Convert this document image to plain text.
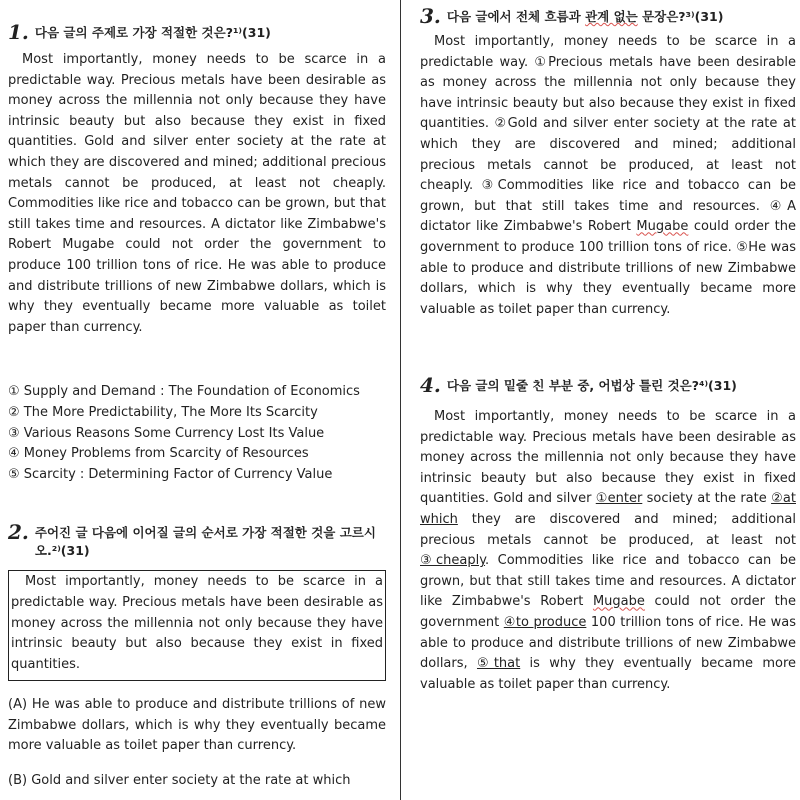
1. 다음 글의 주제로 가장 적절한 것은?¹⁾(31)

Most importantly, money needs to be scarce in a predictable way. Precious metals have been desirable as money across the millennia not only because they have intrinsic beauty but also because they exist in fixed quantities. Gold and silver enter society at the rate at which they are discovered and mined; additional precious metals cannot be produced, at least not cheaply. Commodities like rice and tobacco can be grown, but that still takes time and resources. A dictator like Zimbabwe's Robert Mugabe could not order the government to produce 100 trillion tons of rice. He was able to produce and distribute trillions of new Zimbabwe dollars, which is why they eventually became more valuable as toilet paper than currency.

① Supply and Demand : The Foundation of Economics
② The More Predictability, The More Its Scarcity
③ Various Reasons Some Currency Lost Its Value
④ Money Problems from Scarcity of Resources
⑤ Scarcity : Determining Factor of Currency Value
2. 주어진 글 다음에 이어질 글의 순서로 가장 적절한 것을 고르시오.²⁾(31)

Most importantly, money needs to be scarce in a predictable way. Precious metals have been desirable as money across the millennia not only because they have intrinsic beauty but also because they exist in fixed quantities.

(A) He was able to produce and distribute trillions of new Zimbabwe dollars, which is why they eventually became more valuable as toilet paper than currency.

(B) Gold and silver enter society at the rate at which

3. 다음 글에서 전체 흐름과 관계 없는 문장은?³⁾(31)

Most importantly, money needs to be scarce in a predictable way. ①Precious metals have been desirable as money across the millennia not only because they have intrinsic beauty but also because they exist in fixed quantities. ②Gold and silver enter society at the rate at which they are discovered and mined; additional precious metals cannot be produced, at least not cheaply. ③Commodities like rice and tobacco can be grown, but that still takes time and resources. ④A dictator like Zimbabwe's Robert Mugabe could order the government to produce 100 trillion tons of rice. ⑤He was able to produce and distribute trillions of new Zimbabwe dollars, which is why they eventually became more valuable as toilet paper than currency.

4. 다음 글의 밑줄 친 부분 중, 어법상 틀린 것은?⁴⁾(31)

Most importantly, money needs to be scarce in a predictable way. Precious metals have been desirable as money across the millennia not only because they have intrinsic beauty but also because they exist in fixed quantities. Gold and silver ①enter society at the rate ②at which they are discovered and mined; additional precious metals cannot be produced, at least not ③cheaply. Commodities like rice and tobacco can be grown, but that still takes time and resources. A dictator like Zimbabwe's Robert Mugabe could not order the government ④to produce 100 trillion tons of rice. He was able to produce and distribute trillions of new Zimbabwe dollars, ⑤that is why they eventually became more valuable as toilet paper than currency.
